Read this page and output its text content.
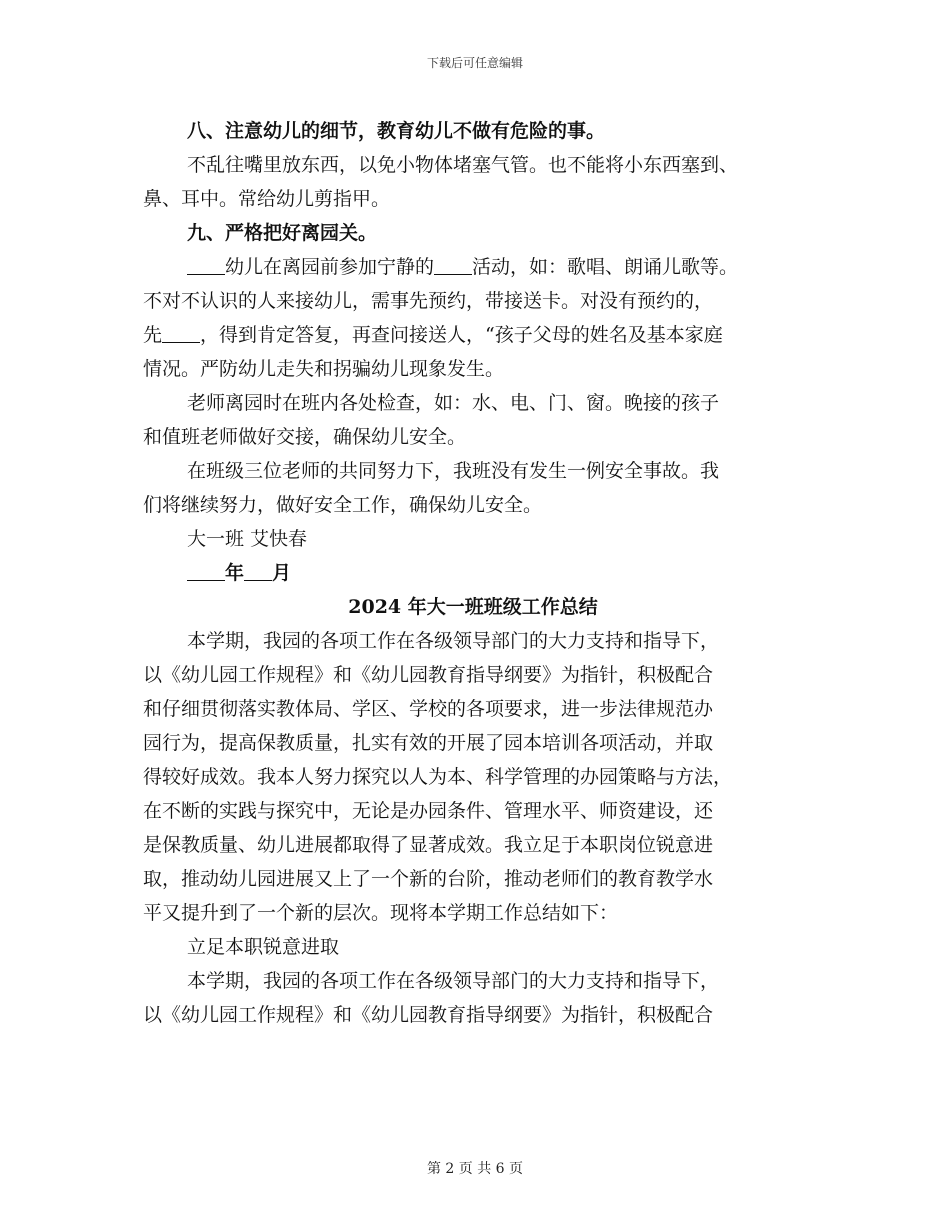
下载后可任意编辑
八、注意幼儿的细节，教育幼儿不做有危险的事。
不乱往嘴里放东西，以免小物体堵塞气管。也不能将小东西塞到、
鼻、耳中。常给幼儿剪指甲。
九、严格把好离园关。
幼儿在离园前参加宁静的 活动，如：歌唱、朗诵儿歌等。
不对不认识的人来接幼儿，需事先预约，带接送卡。对没有预约的，
先 ，得到肯定答复，再查问接送人，“孩子父母的姓名及基本家庭
情况。严防幼儿走失和拐骗幼儿现象发生。
老师离园时在班内各处检查，如：水、电、门、窗。晚接的孩子
和值班老师做好交接，确保幼儿安全。
在班级三位老师的共同努力下，我班没有发生一例安全事故。我
们将继续努力，做好安全工作，确保幼儿安全。
大一班 艾快春
年 月
2024 年大一班班级工作总结
本学期，我园的各项工作在各级领导部门的大力支持和指导下，
以《幼儿园工作规程》和《幼儿园教育指导纲要》为指针，积极配合
和仔细贯彻落实教体局、学区、学校的各项要求，进一步法律规范办
园行为，提高保教质量，扎实有效的开展了园本培训各项活动，并取
得较好成效。我本人努力探究以人为本、科学管理的办园策略与方法，
在不断的实践与探究中，无论是办园条件、管理水平、师资建设，还
是保教质量、幼儿进展都取得了显著成效。我立足于本职岗位锐意进
取，推动幼儿园进展又上了一个新的台阶，推动老师们的教育教学水
平又提升到了一个新的层次。现将本学期工作总结如下：
立足本职锐意进取
本学期，我园的各项工作在各级领导部门的大力支持和指导下，
以《幼儿园工作规程》和《幼儿园教育指导纲要》为指针，积极配合
第 2 页 共 6 页
